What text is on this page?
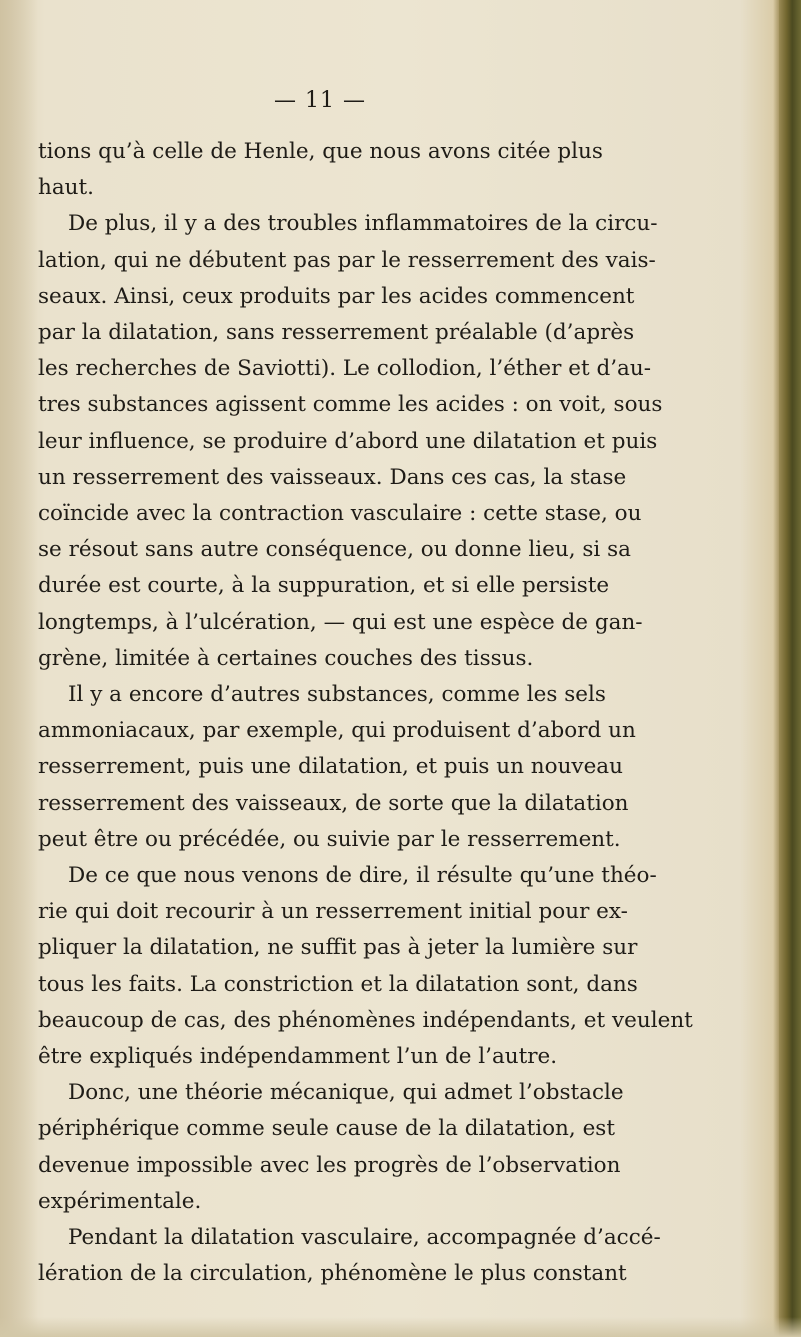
— 11 —
tions qu’à celle de Henle, que nous avons citée plus
haut.
De plus, il y a des troubles inflammatoires de la circu-
lation, qui ne débutent pas par le resserrement des vais-
seaux. Ainsi, ceux produits par les acides commencent
par la dilatation, sans resserrement préalable (d’après
les recherches de Saviotti). Le collodion, l’éther et d’au-
tres substances agissent comme les acides : on voit, sous
leur influence, se produire d’abord une dilatation et puis
un resserrement des vaisseaux. Dans ces cas, la stase
coïncide avec la contraction vasculaire : cette stase, ou
se résout sans autre conséquence, ou donne lieu, si sa
durée est courte, à la suppuration, et si elle persiste
longtemps, à l’ulcération, — qui est une espèce de gan-
grène, limitée à certaines couches des tissus.
Il y a encore d’autres substances, comme les sels
ammoniacaux, par exemple, qui produisent d’abord un
resserrement, puis une dilatation, et puis un nouveau
resserrement des vaisseaux, de sorte que la dilatation
peut être ou précédée, ou suivie par le resserrement.
De ce que nous venons de dire, il résulte qu’une théo-
rie qui doit recourir à un resserrement initial pour ex-
pliquer la dilatation, ne suffit pas à jeter la lumière sur
tous les faits. La constriction et la dilatation sont, dans
beaucoup de cas, des phénomènes indépendants, et veulent
être expliqués indépendamment l’un de l’autre.
Donc, une théorie mécanique, qui admet l’obstacle
périphérique comme seule cause de la dilatation, est
devenue impossible avec les progrès de l’observation
expérimentale.
Pendant la dilatation vasculaire, accompagnée d’accé-
lération de la circulation, phénomène le plus constant
